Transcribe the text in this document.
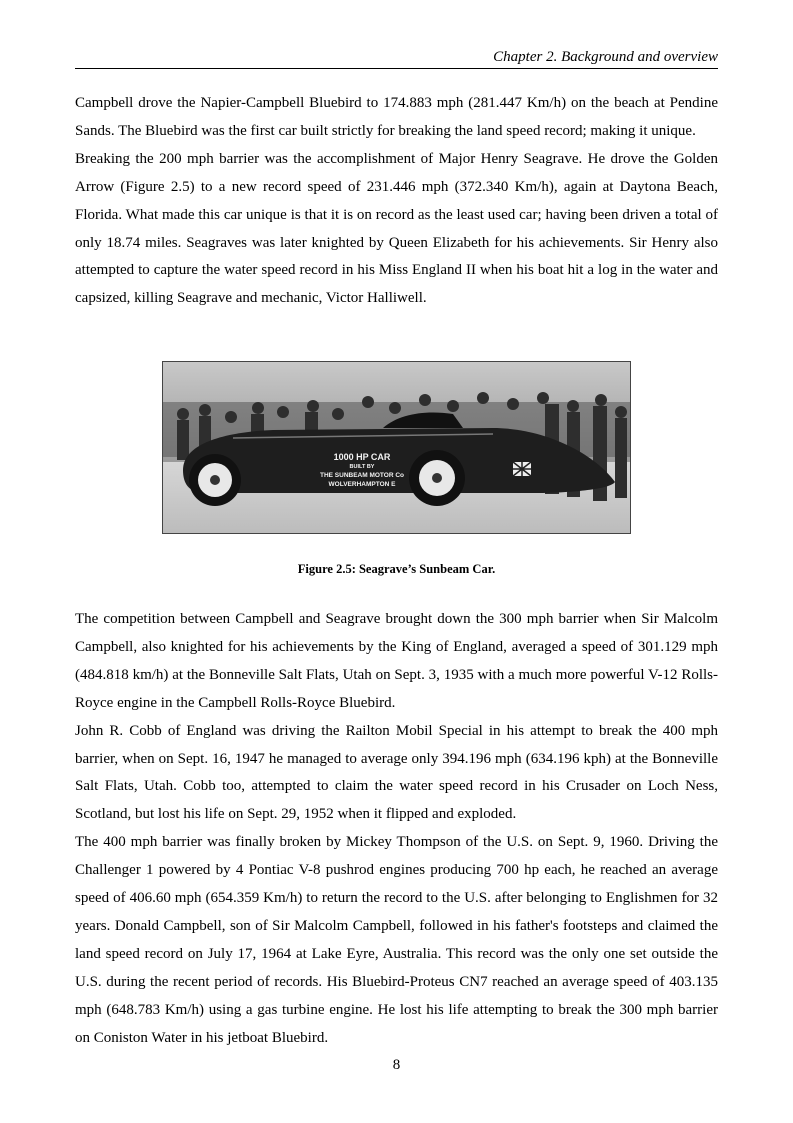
Chapter 2. Background and overview

Campbell drove the Napier-Campbell Bluebird to 174.883 mph (281.447 Km/h) on the beach at Pendine Sands. The Bluebird was the first car built strictly for breaking the land speed record; making it unique.

Breaking the 200 mph barrier was the accomplishment of Major Henry Seagrave. He drove the Golden Arrow (Figure 2.5) to a new record speed of 231.446 mph (372.340 Km/h), again at Daytona Beach, Florida. What made this car unique is that it is on record as the least used car; having been driven a total of only 18.74 miles. Seagraves was later knighted by Queen Elizabeth for his achievements. Sir Henry also attempted to capture the water speed record in his Miss England II when his boat hit a log in the water and capsized, killing Seagrave and mechanic, Victor Halliwell.

1000 HP CAR
BUILT BY
THE SUNBEAM MOTOR Co
WOLVERHAMPTON E
Figure 2.5: Seagrave’s Sunbeam Car.

The competition between Campbell and Seagrave brought down the 300 mph barrier when Sir Malcolm Campbell, also knighted for his achievements by the King of England, averaged a speed of 301.129 mph (484.818 km/h) at the Bonneville Salt Flats, Utah on Sept. 3, 1935 with a much more powerful V-12 Rolls-Royce engine in the Campbell Rolls-Royce Bluebird.

John R. Cobb of England was driving the Railton Mobil Special in his attempt to break the 400 mph barrier, when on Sept. 16, 1947 he managed to average only 394.196 mph (634.196 kph) at the Bonneville Salt Flats, Utah. Cobb too, attempted to claim the water speed record in his Crusader on Loch Ness, Scotland, but lost his life on Sept. 29, 1952 when it flipped and exploded.

The 400 mph barrier was finally broken by Mickey Thompson of the U.S. on Sept. 9, 1960. Driving the Challenger 1 powered by 4 Pontiac V-8 pushrod engines producing 700 hp each, he reached an average speed of 406.60 mph (654.359 Km/h) to return the record to the U.S. after belonging to Englishmen for 32 years. Donald Campbell, son of Sir Malcolm Campbell, followed in his father's footsteps and claimed the land speed record on July 17, 1964 at Lake Eyre, Australia. This record was the only one set outside the U.S. during the recent period of records. His Bluebird-Proteus CN7 reached an average speed of 403.135 mph (648.783 Km/h) using a gas turbine engine. He lost his life attempting to break the 300 mph barrier on Coniston Water in his jetboat Bluebird.

8
